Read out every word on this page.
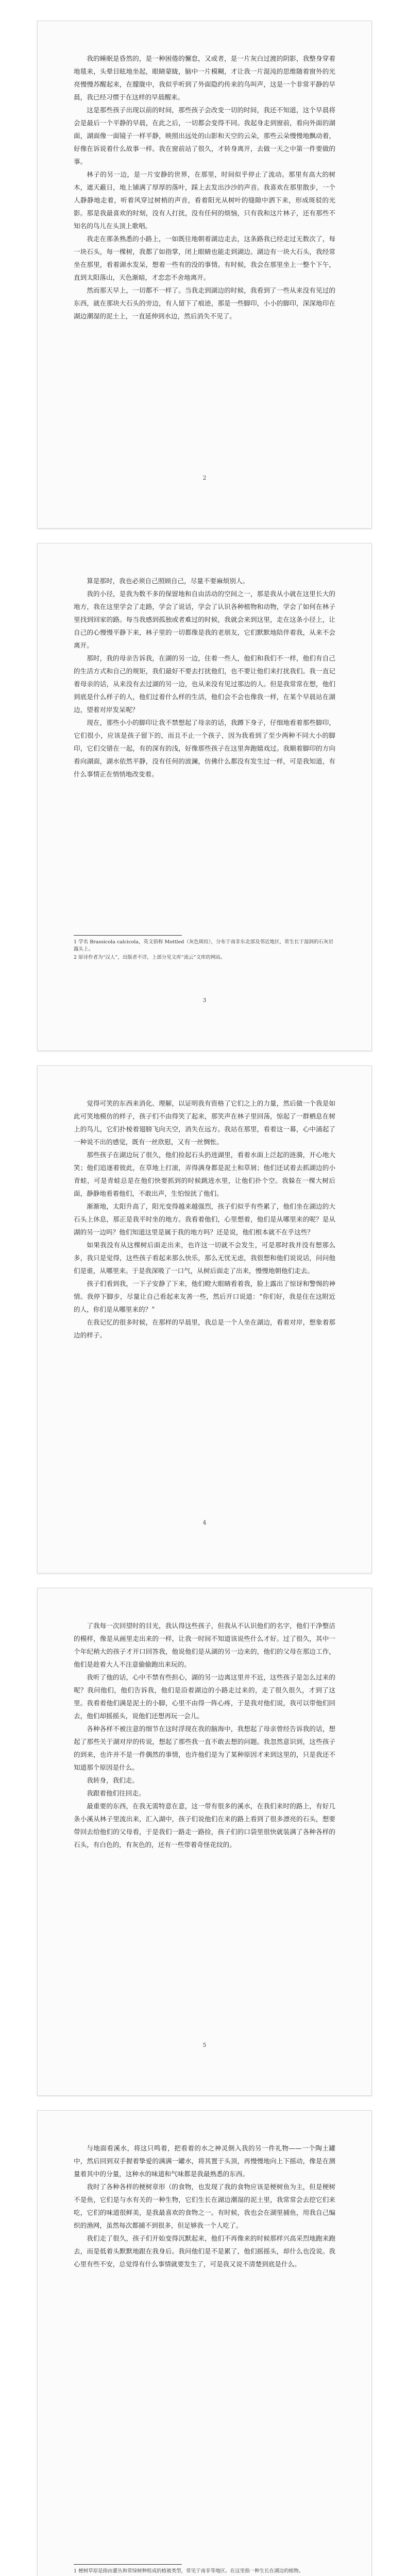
我的睡眠是昏然的，是一种困倦的懈怠，又或者，是一片灰白过渡的阴影，我整身穿着地毯来，头晕目眩地坐起，眼睛蒙眬，脑中一片模糊，才让我一片混沌的思维随着窗外的光亮慢慢苏醒起来，在朦胧中，我似乎听到了外面隐约传来的鸟叫声，这是一个非常平静的早晨，我已经习惯于在这样的早晨醒来。

这是那些孩子出现以前的时间，那些孩子会改变一切的时间，我还不知道，这个早晨将会是最后一个平静的早晨，在此之后，一切都会变得不同。我起身走到窗前，看向外面的湖面，湖面像一面镜子一样平静，映照出远处的山影和天空的云朵，那些云朵慢慢地飘动着，好像在诉说着什么故事一样。我在窗前站了很久，才转身离开，去做一天之中第一件要做的事。

林子的另一边，是一片安静的世界，在那里，时间似乎停止了流动。那里有高大的树木，遮天蔽日，地上铺满了厚厚的落叶，踩上去发出沙沙的声音。我喜欢在那里散步，一个人静静地走着，听着风穿过树梢的声音，看着阳光从树叶的缝隙中洒下来，形成斑驳的光影。那是我最喜欢的时刻，没有人打扰，没有任何的烦恼，只有我和这片林子，还有那些不知名的鸟儿在头顶上歌唱。

我走在那条熟悉的小路上，一如既往地朝着湖边走去，这条路我已经走过无数次了，每一块石头，每一棵树，我都了如指掌，闭上眼睛也能走到湖边。湖边有一块大石头，我经常坐在那里，看着湖水发呆，想着一些有的没的事情。有时候，我会在那里坐上一整个下午，直到太阳落山，天色渐暗，才恋恋不舍地离开。

然而那天早上，一切都不一样了。当我走到湖边的时候，我看到了一些从来没有见过的东西，就在那块大石头的旁边，有人留下了痕迹，那是一些脚印，小小的脚印，深深地印在湖边潮湿的泥土上，一直延伸到水边，然后消失不见了。

2

算是那时，我也必须自己照顾自己，尽量不要麻烦别人。

我的小径，是我为数不多的保留地和自由活动的空间之一，那是我从小就在这里长大的地方，我在这里学会了走路，学会了说话，学会了认识各种植物和动物，学会了如何在林子里找到回家的路。每当我感到孤独或者难过的时候，我就会来到这里，走在这条小径上，让自己的心慢慢平静下来，林子里的一切都像是我的老朋友，它们默默地陪伴着我，从来不会离开。

那时，我的母亲告诉我，在湖的另一边，住着一些人，他们和我们不一样，他们有自己的生活方式和自己的规矩，我们最好不要去打扰他们，也不要让他们来打扰我们。我一直记着母亲的话，从来没有去过湖的另一边，也从来没有见过那边的人。但是我常常在想，他们到底是什么样子的人，他们过着什么样的生活，他们会不会也像我一样，在某个早晨站在湖边，望着对岸发呆呢？

现在，那些小小的脚印让我不禁想起了母亲的话，我蹲下身子，仔细地看着那些脚印，它们很小，应该是孩子留下的，而且不止一个孩子，因为我看到了至少两种不同大小的脚印，它们交错在一起，有的深有的浅，好像那些孩子在这里奔跑嬉戏过。我顺着脚印的方向看向湖面，湖水依然平静，没有任何的波澜，仿佛什么都没有发生过一样，可是我知道，有什么事情正在悄悄地改变着。

1 学名 Brassicola calcicola，英文俗称 Mottled（灰色斑纹），分布于南非东北部及邻近地区，常生长于湿润的石灰岩露头上。

2 原诗作者为“汉人”，出版者不详，上部分见文库“流云”文库的网站。

3

觉得可笑的东西来消化、理解，以证明我有资格了它们之上的力量，然后做一个我是如此可笑地模仿的样子，孩子们不由得笑了起来，那笑声在林子里回荡，惊起了一群栖息在树上的鸟儿，它们扑棱着翅膀飞向天空，消失在远方。我站在那里，看着这一幕，心中涌起了一种说不出的感觉，既有一丝欣慰，又有一丝惆怅。

那些孩子在湖边玩了很久，他们捡起石头扔进湖里，看着水面上泛起的涟漪，开心地大笑；他们追逐着彼此，在草地上打滚，弄得满身都是泥土和草屑；他们还试着去抓湖边的小青蛙，可是青蛙总是在他们快要抓到的时候跳进水里，让他们扑个空。我躲在一棵大树后面，静静地看着他们，不敢出声，生怕惊扰了他们。

渐渐地，太阳升高了，阳光变得越来越强烈，孩子们似乎有些累了，他们坐在湖边的大石头上休息，那正是我平时坐的地方。我看着他们，心里想着，他们是从哪里来的呢？是从湖的另一边吗？他们知道这里是属于我的地方吗？还是说，他们根本就不在乎这些？

如果我没有从这棵树后面走出来，也许这一切就不会发生，可是那时我并没有想那么多，我只是觉得，这些孩子看起来那么快乐，那么无忧无虑，我很想和他们说说话，问问他们是谁，从哪里来。于是我深吸了一口气，从树后面走了出来，慢慢地朝他们走去。

孩子们看到我，一下子安静了下来，他们瞪大眼睛看着我，脸上露出了惊讶和警惕的神情。我停下脚步，尽量让自己看起来友善一些，然后开口说道：“你们好，我是住在这附近的人，你们是从哪里来的？”

在我记忆的很多时候，在那样的早晨里，我总是一个人坐在湖边，看着对岸，想象着那边的样子。

4

了我每一次回望时的目光，我认得这些孩子，但我从不认识他们的名字，他们干净整洁的模样，像是从画里走出来的一样，让我一时间不知道该说些什么才好。过了很久，其中一个年纪稍大的孩子才开口回答我，他说他们是从湖的另一边来的，他们的父母在那边工作，他们是趁着大人不注意偷偷跑出来玩的。

我听了他的话，心中不禁有些担心，湖的另一边离这里并不近，这些孩子是怎么过来的呢？我问他们，他们告诉我，他们是沿着湖边的小路走过来的，走了很久很久，才到了这里。我看着他们满是泥土的小脚，心里不由得一阵心疼，于是我对他们说，我可以带他们回去，他们却摇摇头，说他们还想再玩一会儿。

各种各样不被注意的细节在这时浮现在我的脑海中，我想起了母亲曾经告诉我的话，想起了那些关于湖对岸的传说，想起了那些我一直不敢去想的问题。我忽然意识到，这些孩子的到来，也许并不是一件偶然的事情，也许他们是为了某种原因才来到这里的，只是我还不知道那个原因是什么。

我转身，我们走。

我跟着他们往回走。

最重要的东西，在我无需特意在意，这一带有很多的溪水，在我们来时的路上，有好几条小溪从林子里流出来，汇入湖中，孩子们说他们在来的路上看到了很多漂亮的石头，想要带回去给他们的父母看，于是我们一路走一路捡，孩子们的口袋里很快就装满了各种各样的石头，有白色的，有灰色的，还有一些带着奇怪花纹的。

5

与地面看溪水，将这只鸣着，把看着的水之神灵倒入我的另一件礼物——一个陶土罐中，然后回到双手握着挚爱的满满一罐水，将其置于头顶，再慢慢地向上下摇动，像是在测量着其中的分量，这种水的味道和气味都是我最熟悉的东西。

我时了各种各样的梗树章形（的食物，也发现了我的食物应该是梗树鱼为主，但是梗树不是鱼，它们是与水有关的一种生物，它们生长在湖边潮湿的泥土里，我常常会去挖它们来吃，它们的味道很鲜美，是我最喜欢的食物之一。有时候，我也会在湖里捕鱼，用我自己编织的渔网，虽然每次都捕不到很多，但足够我一个人吃了。

我们走了很久，孩子们开始变得沉默起来，他们不再像来的时候那样兴高采烈地跑来跑去，而是低着头默默地跟在我身后。我问他们是不是累了，他们摇摇头，却什么也没说。我心里有些不安，总觉得有什么事情就要发生了，可是我又说不清楚到底是什么。

1 梗树草原是指由灌丛和常绿树种组成的植被类型，常见于南非等地区。在这里指一种生长在湖边的植物。
